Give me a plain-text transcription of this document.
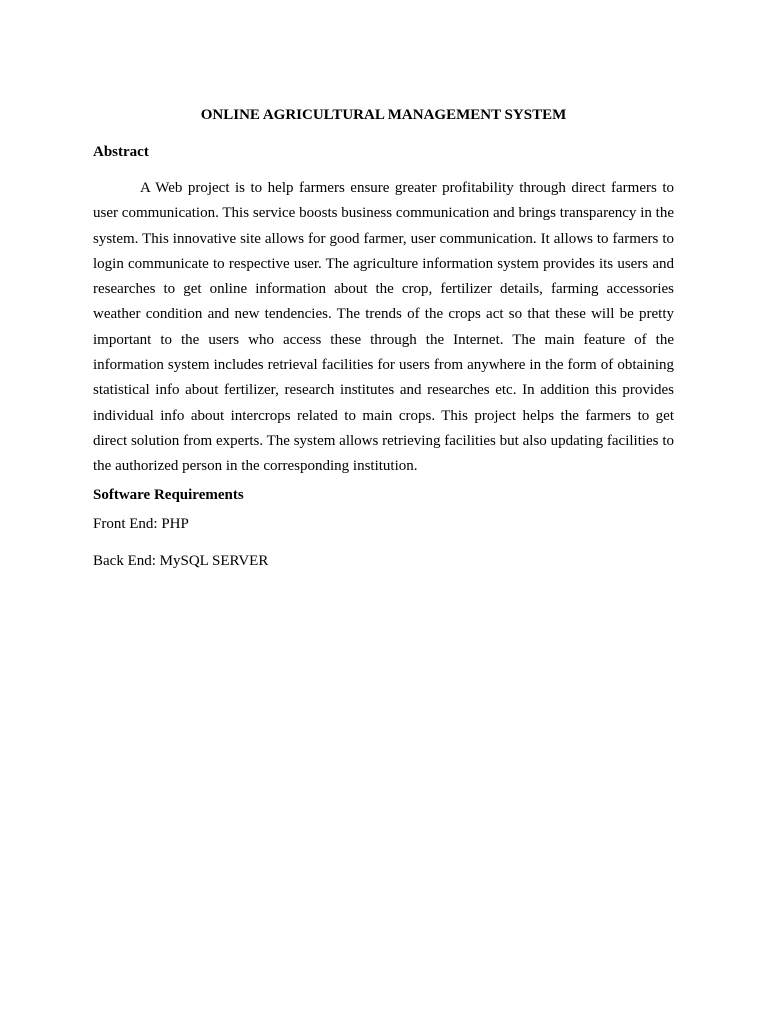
ONLINE AGRICULTURAL MANAGEMENT SYSTEM
Abstract

A Web project is to help farmers ensure greater profitability through direct farmers to user communication. This service boosts business communication and brings transparency in the system. This innovative site allows for good farmer, user communication. It allows to farmers to login communicate to respective user. The agriculture information system provides its users and researches to get online information about the crop, fertilizer details, farming accessories weather condition and new tendencies. The trends of the crops act so that these will be pretty important to the users who access these through the Internet. The main feature of the information system includes retrieval facilities for users from anywhere in the form of obtaining statistical info about fertilizer, research institutes and researches etc. In addition this provides individual info about intercrops related to main crops. This project helps the farmers to get direct solution from experts. The system allows retrieving facilities but also updating facilities to the authorized person in the corresponding institution.

Software Requirements

Front End: PHP

Back End: MySQL SERVER
